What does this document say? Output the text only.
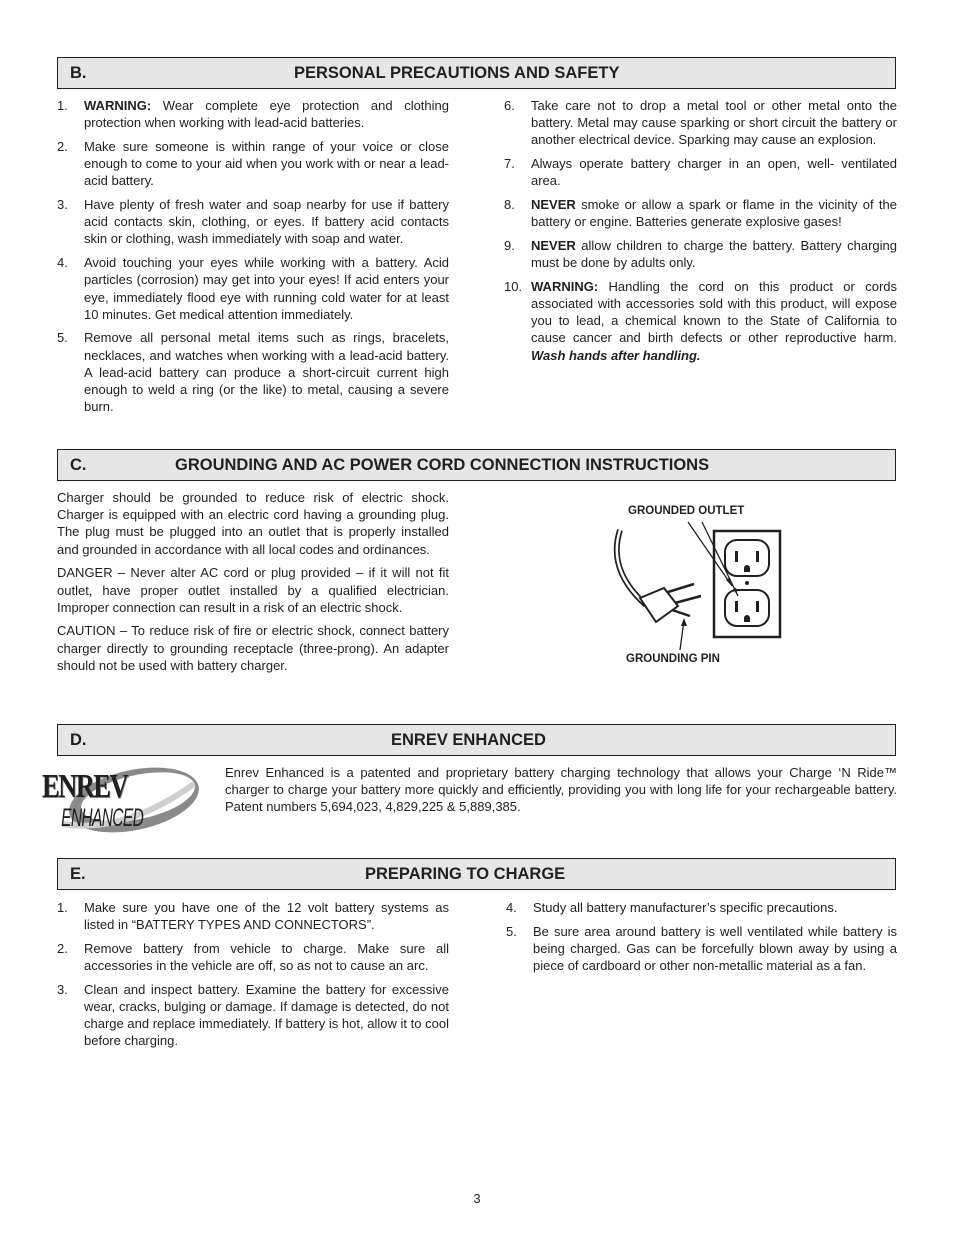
B.	PERSONAL PRECAUTIONS AND SAFETY
1. WARNING: Wear complete eye protection and clothing protection when working with lead-acid batteries.
2. Make sure someone is within range of your voice or close enough to come to your aid when you work with or near a lead-acid battery.
3. Have plenty of fresh water and soap nearby for use if battery acid contacts skin, clothing, or eyes. If battery acid contacts skin or clothing, wash immediately with soap and water.
4. Avoid touching your eyes while working with a battery. Acid particles (corrosion) may get into your eyes! If acid enters your eye, immediately flood eye with running cold water for at least 10 minutes. Get medical attention immediately.
5. Remove all personal metal items such as rings, bracelets, necklaces, and watches when working with a lead-acid battery. A lead-acid battery can produce a short-circuit current high enough to weld a ring (or the like) to metal, causing a severe burn.
6. Take care not to drop a metal tool or other metal onto the battery. Metal may cause sparking or short circuit the battery or another electrical device. Sparking may cause an explosion.
7. Always operate battery charger in an open, well- ventilated area.
8. NEVER smoke or allow a spark or flame in the vicinity of the battery or engine. Batteries generate explosive gases!
9. NEVER allow children to charge the battery. Battery charging must be done by adults only.
10. WARNING: Handling the cord on this product or cords associated with accessories sold with this product, will expose you to lead, a chemical known to the State of California to cause cancer and birth defects or other reproductive harm. Wash hands after handling.
C.	GROUNDING AND AC POWER CORD CONNECTION INSTRUCTIONS

Charger should be grounded to reduce risk of electric shock. Charger is equipped with an electric cord having a grounding plug. The plug must be plugged into an outlet that is properly installed and grounded in accordance with all local codes and ordinances.

DANGER – Never alter AC cord or plug provided – if it will not fit outlet, have proper outlet installed by a qualified electrician. Improper connection can result in a risk of an electric shock.

CAUTION – To reduce risk of fire or electric shock, connect battery charger directly to grounding receptacle (three-prong). An adapter should not be used with battery charger.

GROUNDED OUTLET
GROUNDING PIN
D.	ENREV ENHANCED
ENREV
ENHANCED

Enrev Enhanced is a patented and proprietary battery charging technology that allows your Charge ‘N Ride™ charger to charge your battery more quickly and efficiently, providing you with long life for your rechargeable battery. Patent numbers 5,694,023, 4,829,225 & 5,889,385.

E.	PREPARING TO CHARGE
1. Make sure you have one of the 12 volt battery systems as listed in “BATTERY TYPES AND CONNECTORS”.
2. Remove battery from vehicle to charge. Make sure all accessories in the vehicle are off, so as not to cause an arc.
3. Clean and inspect battery. Examine the battery for excessive wear, cracks, bulging or damage. If damage is detected, do not charge and replace immediately. If battery is hot, allow it to cool before charging.
4. Study all battery manufacturer’s specific precautions.
5. Be sure area around battery is well ventilated while battery is being charged. Gas can be forcefully blown away by using a piece of cardboard or other non-metallic material as a fan.
3
